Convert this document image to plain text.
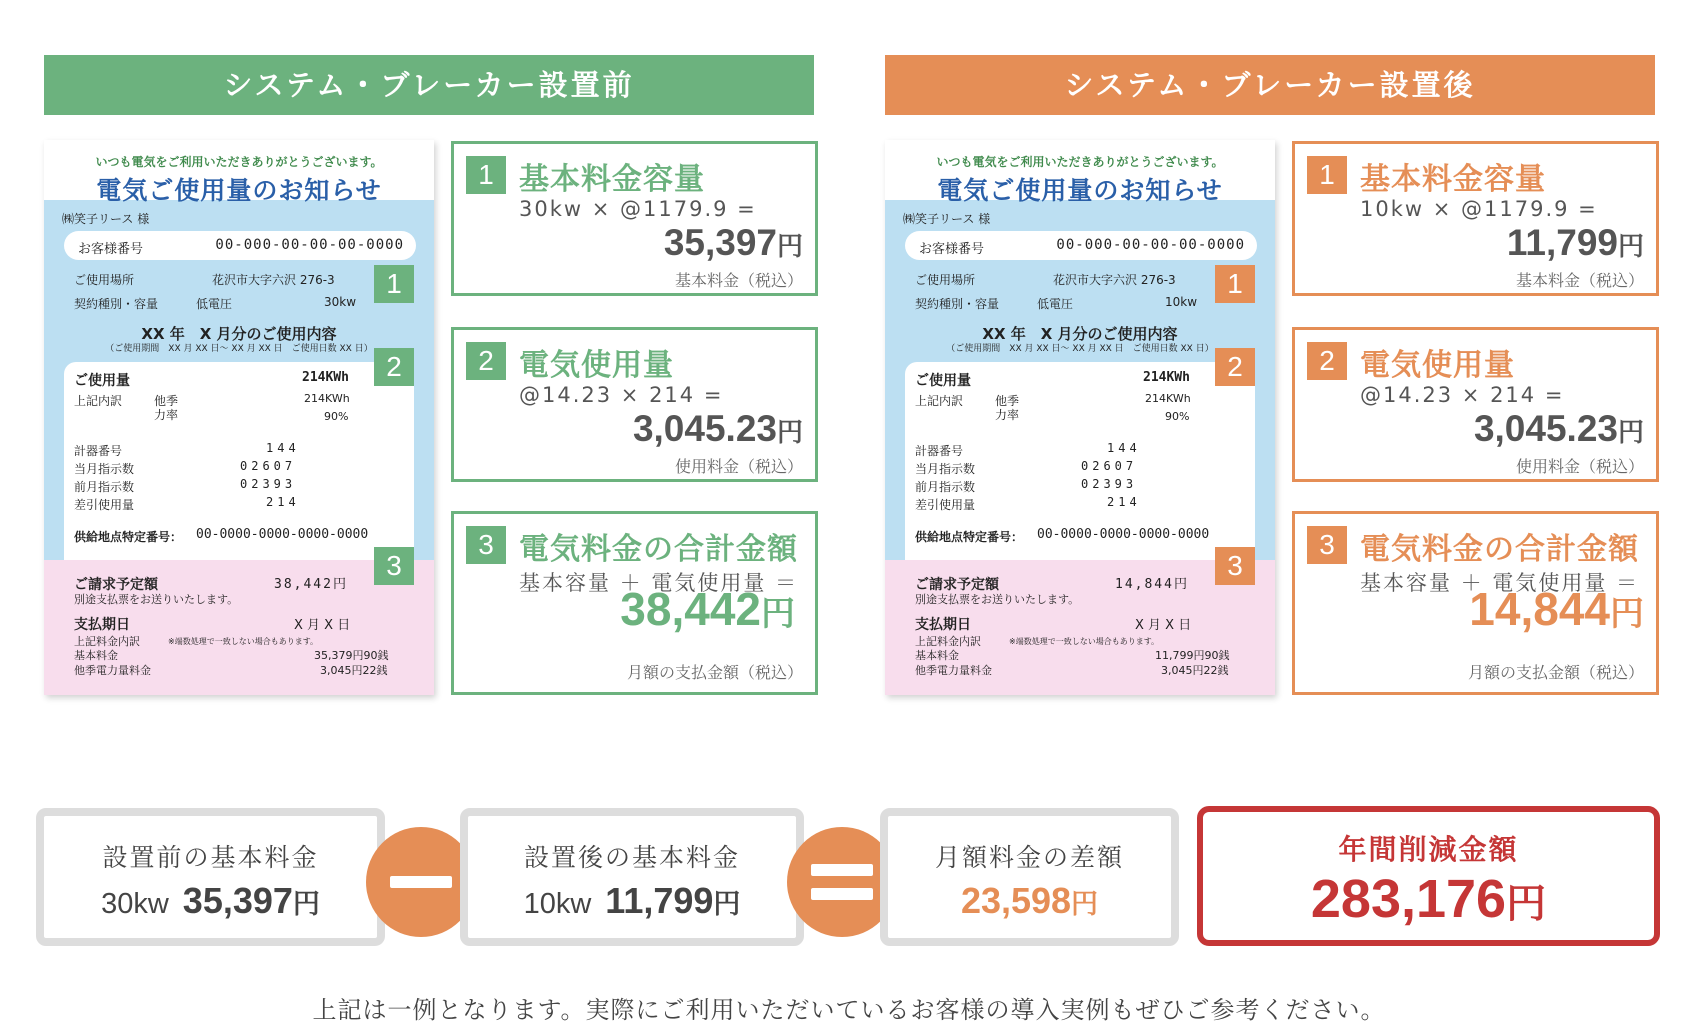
システム・ブレーカー設置前
いつも電気をご利用いただきありがとうございます。
電気ご使用量のお知らせ
㈱笑子リース 様
お客様番号	00-000-00-00-00-0000
ご使用場所	花沢市大字六沢 276-3
契約種別・容量	低電圧	30kw
1
XX 年　X 月分のご使用内容
（ご使用期間　XX 月 XX 日〜 XX 月 XX 日　ご使用日数 XX 日）
ご使用量	214KWh	2
上記内訳	他季	214KWh
力率	90%
計器番号	144
当月指示数	02607
前月指示数	02393
差引使用量	214
供給地点特定番号： 00-0000-0000-0000-0000
ご請求予定額	38,442円
3
別途支払票をお送りいたします。
支払期日	X 月 X 日
上記料金内訳	※端数処理で一致しない場合もあります。
基本料金	35,379円90銭
他季電力量料金	3,045円22銭
1 基本料金容量
30kw × @1179.9 =
35,397円
基本料金（税込）
2 電気使用量
@14.23 × 214 =
3,045.23円
使用料金（税込）
3 電気料金の合計金額
基本容量 ＋ 電気使用量 ＝
38,442円
月額の支払金額（税込）
システム・ブレーカー設置後
いつも電気をご利用いただきありがとうございます。
電気ご使用量のお知らせ
㈱笑子リース 様
お客様番号	00-000-00-00-00-0000
ご使用場所	花沢市大字六沢 276-3
契約種別・容量	低電圧	10kw
1
XX 年　X 月分のご使用内容
（ご使用期間　XX 月 XX 日〜 XX 月 XX 日　ご使用日数 XX 日）
ご使用量	214KWh	2
上記内訳	他季	214KWh
力率	90%
計器番号	144
当月指示数	02607
前月指示数	02393
差引使用量	214
供給地点特定番号： 00-0000-0000-0000-0000
ご請求予定額	14,844円
3
別途支払票をお送りいたします。
支払期日	X 月 X 日
上記料金内訳	※端数処理で一致しない場合もあります。
基本料金	11,799円90銭
他季電力量料金	3,045円22銭
1 基本料金容量
10kw × @1179.9 =
11,799円
基本料金（税込）
2 電気使用量
@14.23 × 214 =
3,045.23円
使用料金（税込）
3 電気料金の合計金額
基本容量 ＋ 電気使用量 ＝
14,844円
月額の支払金額（税込）
設置前の基本料金
30kw 35,397円
設置後の基本料金
10kw 11,799円
月額料金の差額
23,598円
年間削減金額
283,176円
上記は一例となります。実際にご利用いただいているお客様の導入実例もぜひご参考ください。
